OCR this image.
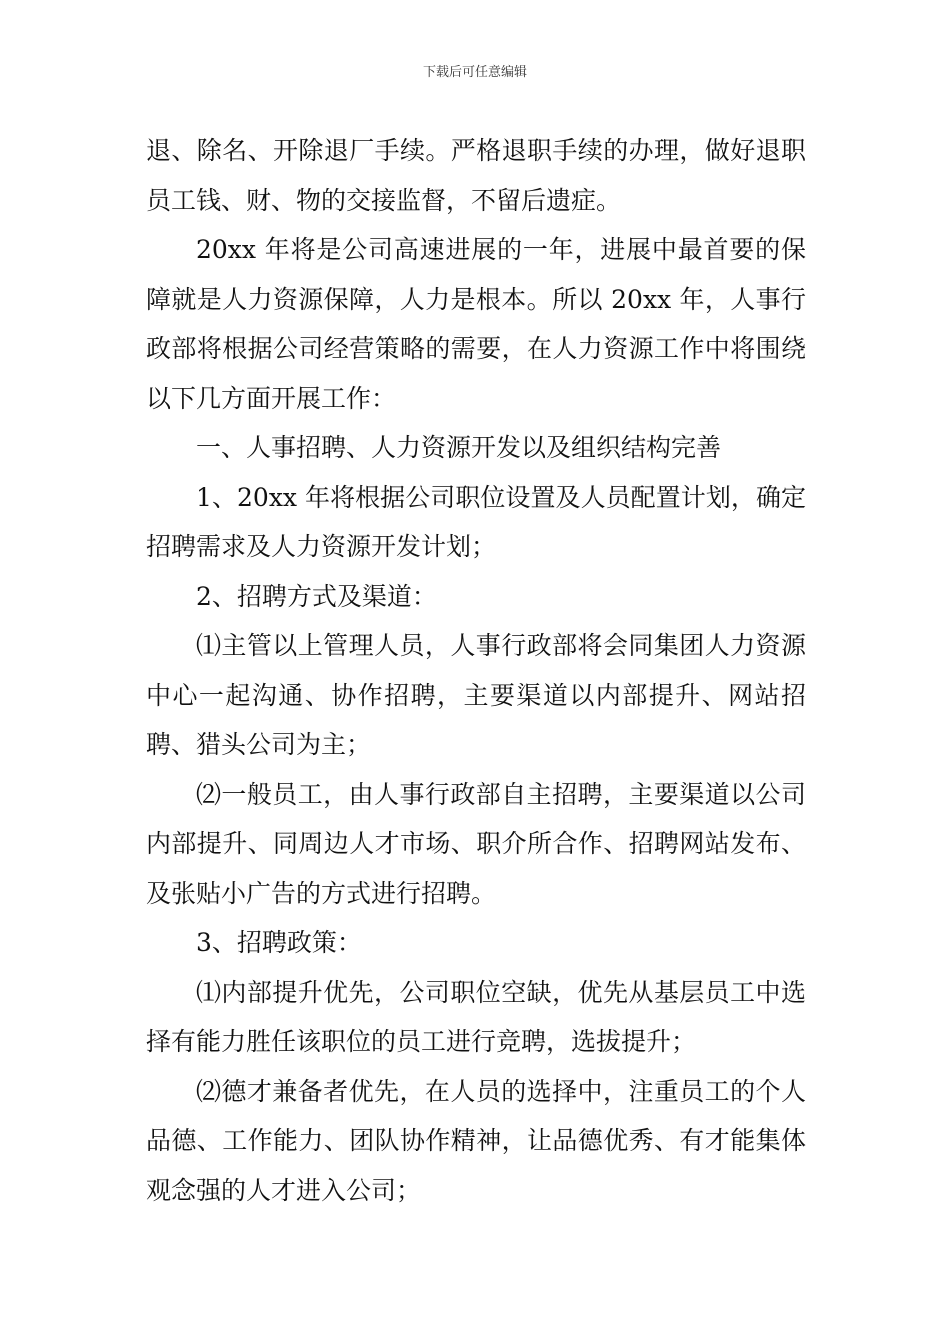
下载后可任意编辑

退、除名、开除退厂手续。严格退职手续的办理，做好退职员工钱、财、物的交接监督，不留后遗症。

20xx 年将是公司高速进展的一年，进展中最首要的保障就是人力资源保障，人力是根本。所以 20xx 年，人事行政部将根据公司经营策略的需要，在人力资源工作中将围绕以下几方面开展工作：

一、人事招聘、人力资源开发以及组织结构完善

1、20xx 年将根据公司职位设置及人员配置计划，确定招聘需求及人力资源开发计划；

2、招聘方式及渠道：

⑴主管以上管理人员，人事行政部将会同集团人力资源中心一起沟通、协作招聘，主要渠道以内部提升、网站招聘、猎头公司为主；

⑵一般员工，由人事行政部自主招聘，主要渠道以公司内部提升、同周边人才市场、职介所合作、招聘网站发布、及张贴小广告的方式进行招聘。

3、招聘政策：

⑴内部提升优先，公司职位空缺，优先从基层员工中选择有能力胜任该职位的员工进行竞聘，选拔提升；

⑵德才兼备者优先，在人员的选择中，注重员工的个人品德、工作能力、团队协作精神，让品德优秀、有才能集体观念强的人才进入公司；
